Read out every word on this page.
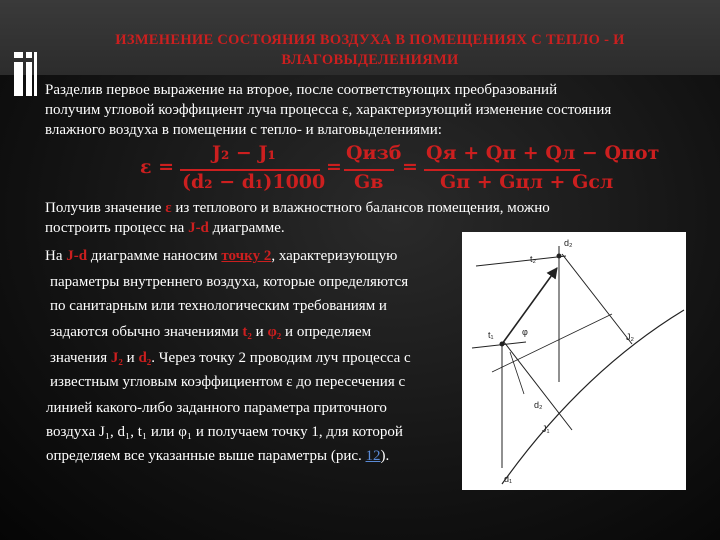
ИЗМЕНЕНИЕ СОСТОЯНИЯ ВОЗДУХА В ПОМЕЩЕНИЯХ С ТЕПЛО - И
ВЛАГОВЫДЕЛЕНИЯМИ
Разделив первое выражение на второе, после соответствующих преобразований
получим угловой коэффициент луча процесса ε, характеризующий изменение состояния
влажного воздуха в помещении с тепло- и влаговыделениями:
ε =
J₂ − J₁
(d₂ − d₁)1000
=
Qизб
Gв
=
Qя + Qп + Qл − Qпот
Gп + Gцл + Gсл
Получив значение ε из теплового и влажностного балансов помещения, можно
построить процесс на J-d диаграмме.
На J-d диаграмме наносим точку 2, характеризующую
параметры внутреннего воздуха, которые определяются
по санитарным или технологическим требованиям и
задаются обычно значениями t₂ и φ₂ и определяем
значения J₂ и d₂. Через точку 2 проводим луч процесса с
известным угловым коэффициентом ε до пересечения с
линией какого-либо заданного параметра приточного
воздуха J₁, d₁, t₁ или φ₁ и получаем точку 1, для которой
определяем все указанные выше параметры (рис. 12).
t₂
d₂
t₁	φ	J₂
d₂
J₁
d₁
